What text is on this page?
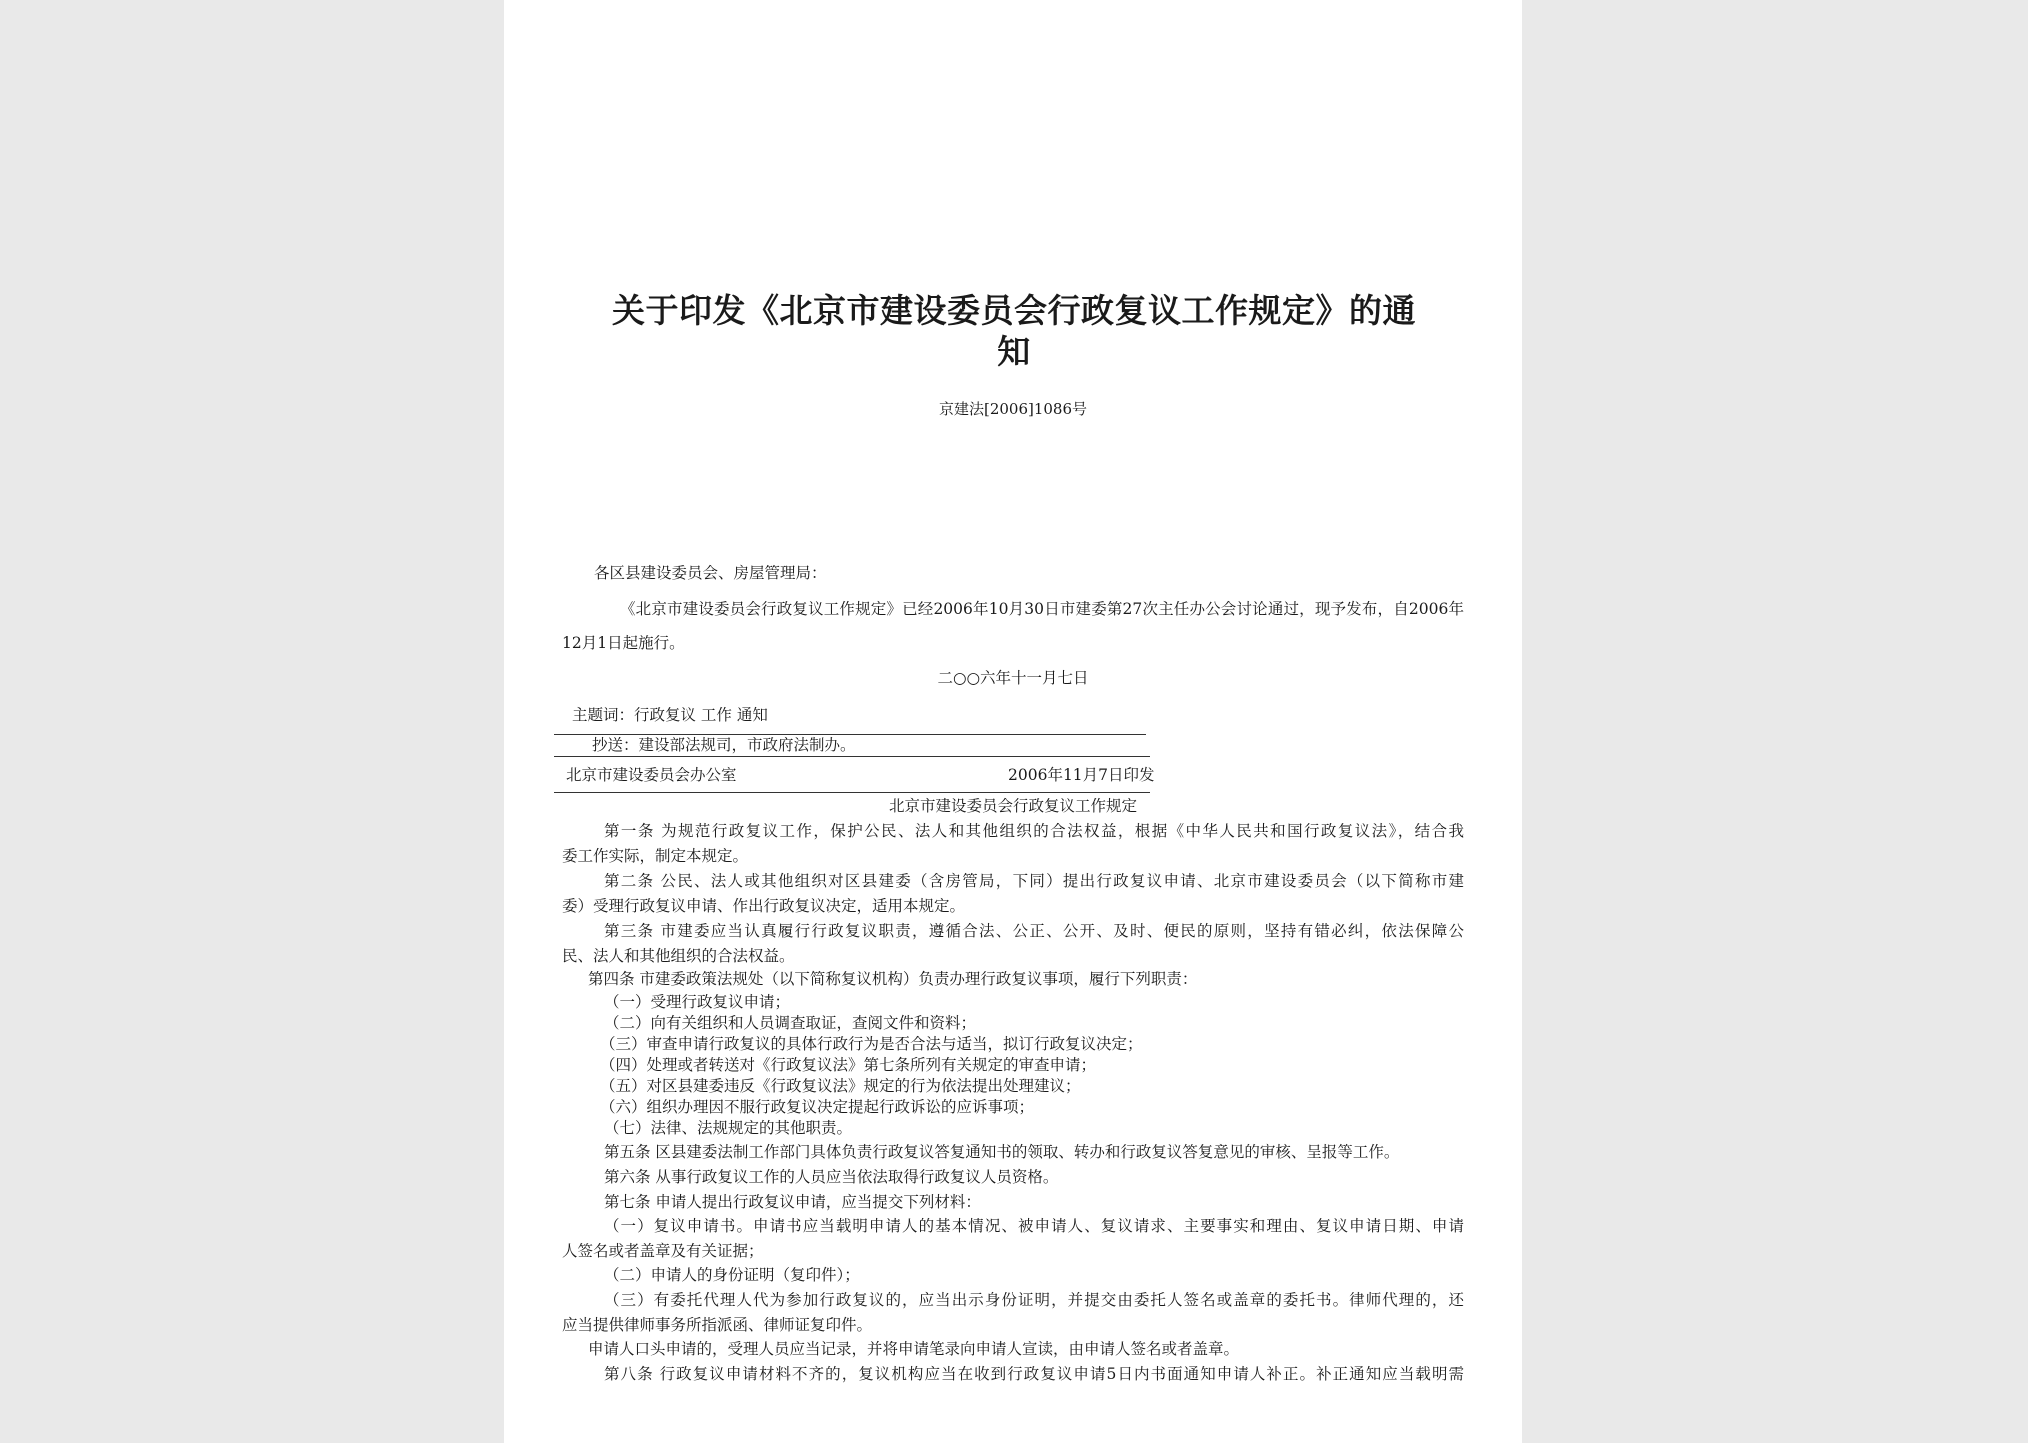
关于印发《北京市建设委员会行政复议工作规定》的通
知
京建法[2006]1086号
各区县建设委员会、房屋管理局：
《北京市建设委员会行政复议工作规定》已经2006年10月30日市建委第27次主任办公会讨论通过，现予发布，自2006年
12月1日起施行。
二○○六年十一月七日
主题词：行政复议 工作 通知
抄送：建设部法规司，市政府法制办。
北京市建设委员会办公室	2006年11月7日印发
北京市建设委员会行政复议工作规定
第一条 为规范行政复议工作，保护公民、法人和其他组织的合法权益，根据《中华人民共和国行政复议法》，结合我
委工作实际，制定本规定。
第二条 公民、法人或其他组织对区县建委（含房管局，下同）提出行政复议申请、北京市建设委员会（以下简称市建
委）受理行政复议申请、作出行政复议决定，适用本规定。
第三条 市建委应当认真履行行政复议职责，遵循合法、公正、公开、及时、便民的原则，坚持有错必纠，依法保障公
民、法人和其他组织的合法权益。
第四条 市建委政策法规处（以下简称复议机构）负责办理行政复议事项，履行下列职责：
（一）受理行政复议申请；
（二）向有关组织和人员调查取证，查阅文件和资料；
（三）审查申请行政复议的具体行政行为是否合法与适当，拟订行政复议决定；
（四）处理或者转送对《行政复议法》第七条所列有关规定的审查申请；
（五）对区县建委违反《行政复议法》规定的行为依法提出处理建议；
（六）组织办理因不服行政复议决定提起行政诉讼的应诉事项；
（七）法律、法规规定的其他职责。
第五条 区县建委法制工作部门具体负责行政复议答复通知书的领取、转办和行政复议答复意见的审核、呈报等工作。
第六条 从事行政复议工作的人员应当依法取得行政复议人员资格。
第七条 申请人提出行政复议申请，应当提交下列材料：
（一）复议申请书。申请书应当载明申请人的基本情况、被申请人、复议请求、主要事实和理由、复议申请日期、申请
人签名或者盖章及有关证据；
（二）申请人的身份证明（复印件）；
（三）有委托代理人代为参加行政复议的，应当出示身份证明，并提交由委托人签名或盖章的委托书。律师代理的，还
应当提供律师事务所指派函、律师证复印件。
申请人口头申请的，受理人员应当记录，并将申请笔录向申请人宣读，由申请人签名或者盖章。
第八条 行政复议申请材料不齐的，复议机构应当在收到行政复议申请5日内书面通知申请人补正。补正通知应当载明需
